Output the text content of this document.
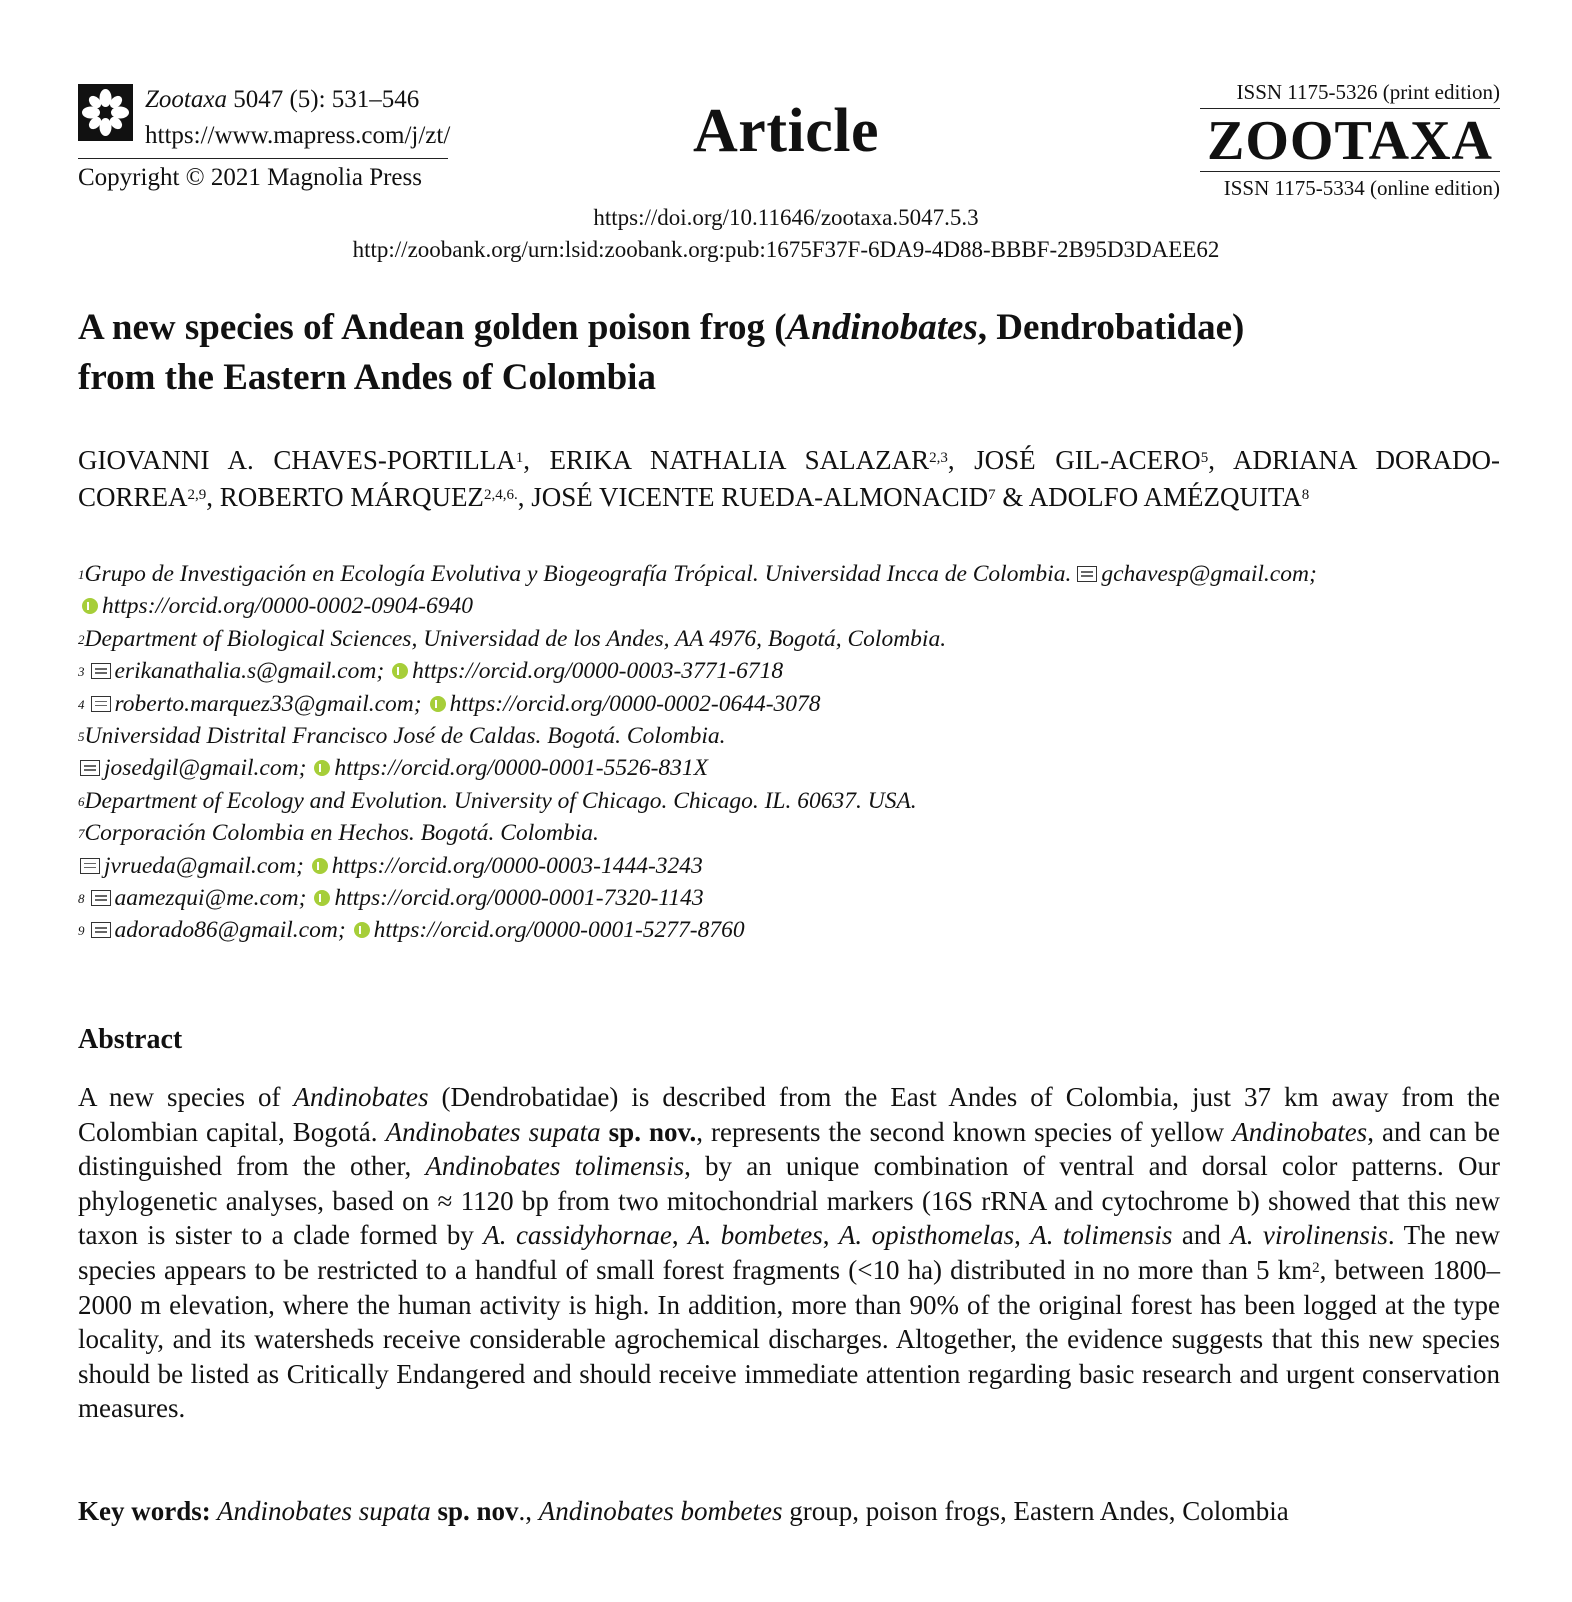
Zootaxa 5047 (5): 531–546
https://www.mapress.com/j/zt/
Copyright © 2021 Magnolia Press
Article
ISSN 1175-5326 (print edition)
ZOOTAXA
ISSN 1175-5334 (online edition)
https://doi.org/10.11646/zootaxa.5047.5.3
http://zoobank.org/urn:lsid:zoobank.org:pub:1675F37F-6DA9-4D88-BBBF-2B95D3DAEE62
A new species of Andean golden poison frog (Andinobates, Dendrobatidae)
from the Eastern Andes of Colombia
GIOVANNI A. CHAVES-PORTILLA$^1$, ERIKA NATHALIA SALAZAR$^{2,3}$, JOSÉ GIL-ACERO$^5$, ADRIANA DORADO-CORREA$^{2,9}$, ROBERTO $MÁRQUEZ^{2,4,6.}$, JOSÉ VICENTE RUEDA-ALMONACID$^7$ & ADOLFO AMÉZQUITA$^8$
$^1$Grupo de Investigación en Ecología Evolutiva y Biogeografía Trópical. Universidad Incca de Colombia. gchavesp@gmail.com;
https://orcid.org/0000-0002-0904-6940
$^2$Department of Biological Sciences, Universidad de los Andes, AA 4976, Bogotá, Colombia.
$^3$ erikanathalia.s@gmail.com; https://orcid.org/0000-0003-3771-6718
$^4$ roberto.marquez33@gmail.com; https://orcid.org/0000-0002-0644-3078
$^5$Universidad Distrital Francisco José de Caldas. Bogotá. Colombia.
josedgil@gmail.com; https://orcid.org/0000-0001-5526-831X
$^6$Department of Ecology and Evolution. University of Chicago. Chicago. IL. 60637. USA.
$^7$Corporación Colombia en Hechos. Bogotá. Colombia.
jvrueda@gmail.com; https://orcid.org/0000-0003-1444-3243
$^8$ aamezqui@me.com; https://orcid.org/0000-0001-7320-1143
$^9$ adorado86@gmail.com; https://orcid.org/0000-0001-5277-8760
Abstract
A new species of Andinobates (Dendrobatidae) is described from the East Andes of Colombia, just 37 km away from the Colombian capital, Bogotá. Andinobates supata sp. nov., represents the second known species of yellow Andinobates, and can be distinguished from the other, Andinobates tolimensis, by an unique combination of ventral and dorsal color patterns. Our phylogenetic analyses, based on ≈ 1120 bp from two mitochondrial markers (16S rRNA and cytochrome b) showed that this new taxon is sister to a clade formed by A. cassidyhornae, A. bombetes, A. opisthomelas, A. tolimensis and A. virolinensis. The new species appears to be restricted to a handful of small forest fragments (<10 ha) distributed in no more than 5 $km^2$, between 1800–2000 m elevation, where the human activity is high. In addition, more than 90% of the original forest has been logged at the type locality, and its watersheds receive considerable agrochemical discharges. Altogether, the evidence suggests that this new species should be listed as Critically Endangered and should receive immediate attention regarding basic research and urgent conservation measures.
Key words: Andinobates supata sp. nov., Andinobates bombetes group, poison frogs, Eastern Andes, Colombia
